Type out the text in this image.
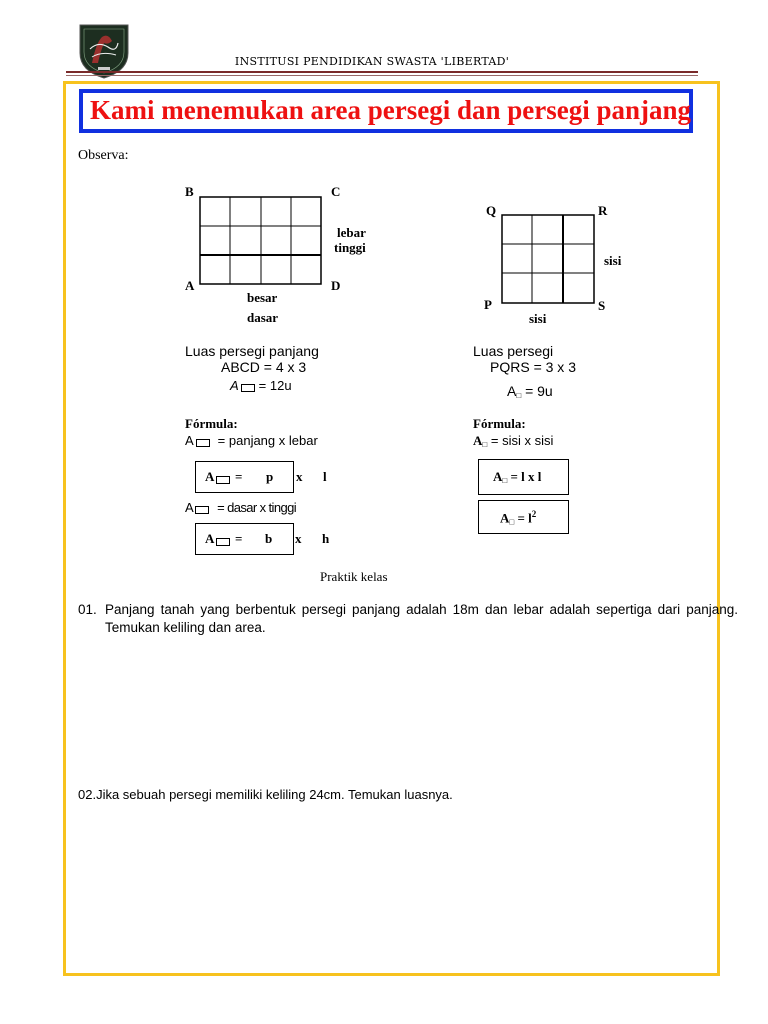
INSTITUSI PENDIDIKAN SWASTA 'LIBERTAD'
Kami menemukan area persegi dan persegi panjang
Observa:
B	C
A	D
lebar
tinggi
besar
dasar
Q	R
P	S
sisi
sisi
Luas persegi panjang
ABCD = 4 x 3
A = 12u
Luas persegi
PQRS = 3 x 3
A□ = 9u
Fórmula:
A = panjang x lebar
A	= p x l
A = dasar x tinggi
A	= b x h
Fórmula:
A□ = sisi x sisi
A□ = l x l
A□ = $l^2$
Praktik kelas
01. Panjang tanah yang berbentuk persegi panjang adalah 18m dan lebar adalah sepertiga dari panjang. Temukan keliling dan area.
02.Jika sebuah persegi memiliki keliling 24cm. Temukan luasnya.
